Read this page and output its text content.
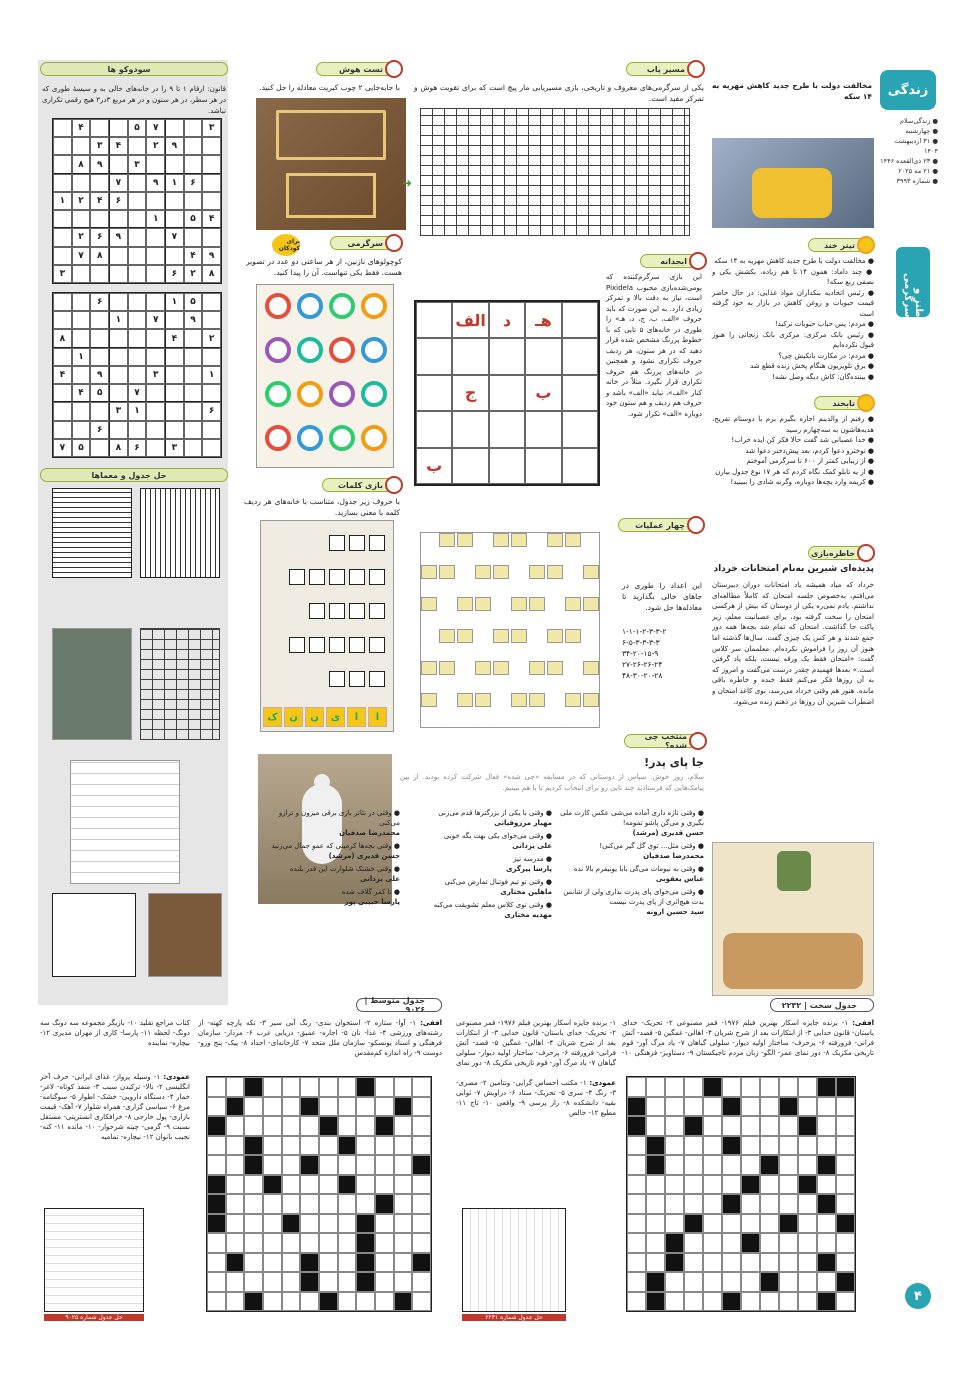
سودوکو ها
قانون: ارقام ۱ تا ۹ را در خانه‌های خالی به‌ و سیسهٔ طوری که در هر سطر، در هر ستون و در هر مربع ۳در۳ هیچ رقمی تکراری نباشد.
۳
۷
۵
۴
۹
۲
۴
۳
۳
۹
۸
۶
۱
۹
۷
۶
۴
۲
۱
۴
۵
۱
۷
۹
۶
۲
۹
۴
۸
۷
۸
۲
۶
۳
۵
۱
۶
۹
۷
۱
۲
۴
۸
۱
۱
۳
۹
۴
۷
۵
۴
۶
۱
۳
۶
۳
۶
۸
۵
۷
حل جدول و معماها
تست هوش
با جابه‌جایی ۲ چوب کبریت معادله را حل کنید.
مسیر یاب
یکی از سرگرمی‌های معروف و تاریخی، بازی مسیریابی مار پیچ است که برای تقویت هوش و تمرکز مفید است.
➜
سرگرمی
برای کودکان
کوچولوهای نازنین، از هر ساعتی دو عدد در تصویر هست. فقط یکی تنهاست. آن را پیدا کنید.
ابجدانه
این بازی سرگرم‌کننده که بومی‌شده‌بازی محبوب Pixidela است، نیاز به دقت بالا و تمرکز زیادی دارد. به این صورت که باید حروف «الف، ب، ج، د، هـ» را طوری در خانه‌های ۵ تایی که با خطوط پررنگ مشخص شده قرار دهید که در هر ستون، هر ردیف حروف تکراری نشود و همچنین در خانه‌های پررنگ هم حروف تکراری قرار نگیرد. مثلاً در خانه کنار «الف»، نباید «الف» باشد و حروف هم ردیف و هم ستون خود دوباره «الف» تکرار شود.
هـ
د
الف
ب
ج
ب
بازی کلمات
با حروف زیر جدول، متناسب با خانه‌های هر ردیف کلمه با معنی بسازید.
ا
ا
ی
ن
ن
ک
چهار عملیات
این اعداد را طوری در جاهای خالی بگذارید تا معادله‌ها حل شود.
۱-۱-۱-۲-۳-۳-۲
۶-۵-۳-۳-۳-۳
۳۴-۲۰-۱۵-۹
۲۷-۲۶-۲۶-۲۴
۴۸-۳۰-۲۰-۲۸
زندگی
● زندگی‌سلام
● چهارشنبه
● ۳۱ اردیبهشت ۱۴۰۴
● ۲۳ ذی‌القعده ۱۴۴۶
● ۲۱ مه ۲۰۲۵
● شماره ۳۹۹۳
طنز و سرگرمی
مخالفت دولت با طرح جدید کاهش مهریه به ۱۴ سکه
تیتر خند
● مخالفت دولت با طرح جدید کاهش مهریه به ۱۴ سکه
● چند داماد: همون ۱۴ تا هم زیاده، بکشش یکی و نصفی ربع سکه!
● رئیس اتحادیه بنکداران مواد غذایی: در حال حاضر قیمت حبوبات و روغن کاهش در بازار به خود گرفته است
● مردم: پس حباب حبوبات ترکید!
● رئیس بانک مرکزی: مرکزی بانک زنجانی را هنوز قبول نکرده‌ایم
● مردم: در مکارت بانکیش چی؟
● برق تلویزیون هنگام پخش زنده قطع شد
● بیننده‌گان: کاش دیگه وصل نشه!
تابخند
● رفتم از والدینم اجازه بگیرم برم با دوستام تفریح، هدیه‌هاشون به سه‌چهارم رسید
● خدا عصبانی شد گفت حالا فکر کن ایده خراب!
● توخترو دعوا کردم، بعد پیش‌دختر دعوا شد
● از زیبایی کمتر از ۶۰۰ تا سرگرمی آموختم
● از یه تابلو کمک نگاه کردم که هر ۱۷ نوع جدول بیارن
● کریمه وارد بچه‌ها دوباره، وگرنه شادی را ببینید!
خاطره‌بازی
پدیده‌ای شیرین به‌نام امتحانات خرداد
خرداد که میاد همیشه یاد امتحانات دوران دبیرستان می‌افتم، به‌خصوص جلسه امتحان که کاملاً مطالعه‌ای نداشتم. یادم نمی‌ره یکی از دوستان که بیش از هرکسی امتحان را سخت گرفته بود، برای عصبانیت معلم، زیر پاکت جا گذاشت. امتحان که تمام شد بچه‌ها همه دور جمع شدند و هر کس یک چیزی گفت. سال‌ها گذشته اما هنوز آن روز را فراموش نکرده‌ام. معلممان سر کلاس گفت: «امتحان فقط یک ورقه نیست، بلکه یاد گرفتن است.» بعدها فهمیدم چقدر درست می‌گفت و امروز که به آن روزها فکر می‌کنم فقط خنده و خاطره باقی مانده. هنوز هم وقتی خرداد می‌رسد، بوی کاغذ امتحان و اضطراب شیرین آن روزها در ذهنم زنده می‌شود.
منتخب چی شده؟
جا پای پدر!
سلام، روز خوش. سپاس از دوستانی که در مسابقه «چی شده» فعال شرکت کرده بودند. از بین پیامک‌هایی که فرستادید چند تایی رو برای انتخاب کردیم تا با هم ببینیم.
● وقتی تازه داری آماده می‌شی عکس کارت ملی بگیری و می‌گن پاشو تمومه!
حسن قدیری (مرشد)
● وقتی مثل... توی گل گیر می‌کنی!
محمدرضا صدفیان
● وقتی به نیومات می‌گی بابا یونیفرم بالا نده
عباس یعقوبی
● وقتی می‌خوای پای پدرت بذاری ولی از شانس بدت هیچ‌اثری از پای پدرت نیست
سید حسین ارونه
● وقتی با یکی از بزرگترها قدم می‌زنی
مهیار مرزوقیانی
● وقتی می‌خوای یکی بهت بگه خوبی
علی یزدانی
● مدرسه تیز
پارسا پیرگزی
● وقتی تو تیم فوتبال تمارض می‌کنی
ماهلین مختاری
● وقتی توی کلاس معلم تشویقت می‌کنه
مهدیه مختاری
● وقتی در تئاتر بازی برقی میزون و ترازو می‌کنی
محمدرضا صدفیان
● وقتی بچه‌ها کرمیتی که عمو جمال می‌زنید
حسن قدیری (مرشد)
● وقتی خشتک شلوارت این قدر بلنده
علی یزدانی
● تا کمر گلاف شده
پارسا حبیبی پور
جدول سخت | ۲۲۳۲
افقی: ۱- برنده جایزه اسکار بهترین فیلم ۱۹۷۶- قمر مصنوعی ۲- تحریک- خدای باستان- قانون خدایی ۳- از ابتکارات بعد از شرح شریان ۴- اهالی- غمگین ۵- قصد- آتش فرانی- فرورفته ۶- پرحرف- ساختار اولیه دیوار- سلولی گیاهان ۷- یاد مرگ آور- قوم تاریخی مکزیک ۸- دور نمای عمر- الگو- زبان مردم تاجیکستان ۹- دستاویز- فرهنگی ۱۰-
۱- برنده جایزه اسکار بهترین فیلم ۱۹۷۶- قمر مصنوعی ۲- تحریک- خدای باستان- قانون خدایی ۳- از ابتکارات بعد از شرح شریان ۴- اهالی- غمگین ۵- قصد- آتش فرانی- فرورفته ۶- پرحرف- ساختار اولیه دیوار- سلولی گیاهان ۷- یاد مرگ آور- قوم تاریخی مکزیک ۸- دور نمای
عمودی: ۱- مکتب احساس گرایی- ونتامین ۲- مصری- ۳- رنگ ۴- سری ۵- تحریک- ستاد ۶- دراویش ۷- ثوابی بقیه- دانشکده ۸- راز پرسی ۹- واقعی ۱۰- تاج ۱۱- مطیع ۱۲- خالص
جدول متوسط | ۹۰۲۶
افقی: ۱- آوا- ستاره ۲- استخوان بندی- رنگ آبی سیر ۳- تکه پارچه کهنه- از رشته‌های ورزشی ۴- غذا- نان ۵- اجاره- عمیق- دریایی عرب ۶- مردار- سازمان فرهنگی و اسناد یونسکو- سازمان ملل متحد ۷- کارخانه‌ای- اجداد ۸- پیک- پنج ورو- دوست ۹- راه اندازه کم‌مقدس
کتاب مراجع تقلید ۱۰- بازیگر مجموعه سه دونگ سه دونگ- لحظه ۱۱- پارسا- کاری از مهران مدیری ۱۲- بیچاره- نماینده
عمودی: ۱- وسیله پرواز- غذای ایرانی- حرف آخر انگلیسی ۲- نالا- ترکیدن سبب ۳- منفذ کوتاه- لاغر- خمار ۴- دستگاه دارویی- خشک- اطوار ۵- سوگنامه- مرغ ۶- سیاسی گزاری- همراه شلوار ۷- آهک- قیمت بازاری- پول خارجی ۸- خرافکاری انستریتی- مستقل نسبت ۹- گرمی- چینه شرحوار- ۱۰- مانده ۱۱- کنه- نجیب بانوان ۱۲- نیچاره- تمامیه
حل جدول شماره ۹۰۲۵	حل جدول شماره ۲۲۳۱
۴
